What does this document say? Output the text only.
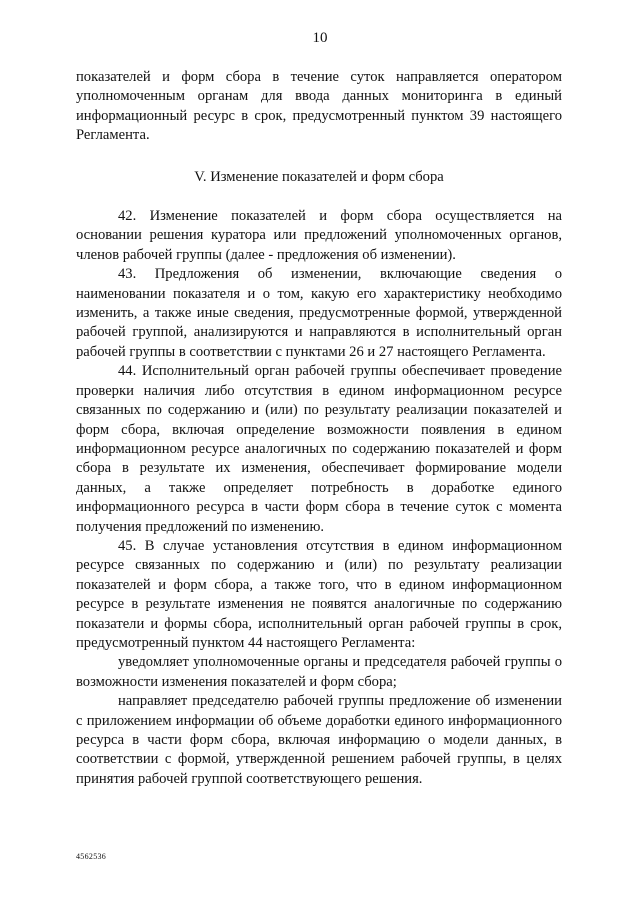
10

показателей и форм сбора в течение суток направляется оператором уполномоченным органам для ввода данных мониторинга в единый информационный ресурс в срок, предусмотренный пунктом 39 настоящего Регламента.

V. Изменение показателей и форм сбора

42. Изменение показателей и форм сбора осуществляется на основании решения куратора или предложений уполномоченных органов, членов рабочей группы (далее - предложения об изменении).

43. Предложения об изменении, включающие сведения о наименовании показателя и о том, какую его характеристику необходимо изменить, а также иные сведения, предусмотренные формой, утвержденной рабочей группой, анализируются и направляются в исполнительный орган рабочей группы в соответствии с пунктами 26 и 27 настоящего Регламента.

44. Исполнительный орган рабочей группы обеспечивает проведение проверки наличия либо отсутствия в едином информационном ресурсе связанных по содержанию и (или) по результату реализации показателей и форм сбора, включая определение возможности появления в едином информационном ресурсе аналогичных по содержанию показателей и форм сбора в результате их изменения, обеспечивает формирование модели данных, а также определяет потребность в доработке единого информационного ресурса в части форм сбора в течение суток с момента получения предложений по изменению.

45. В случае установления отсутствия в едином информационном ресурсе связанных по содержанию и (или) по результату реализации показателей и форм сбора, а также того, что в едином информационном ресурсе в результате изменения не появятся аналогичные по содержанию показатели и формы сбора, исполнительный орган рабочей группы в срок, предусмотренный пунктом 44 настоящего Регламента:

уведомляет уполномоченные органы и председателя рабочей группы о возможности изменения показателей и форм сбора;

направляет председателю рабочей группы предложение об изменении с приложением информации об объеме доработки единого информационного ресурса в части форм сбора, включая информацию о модели данных, в соответствии с формой, утвержденной решением рабочей группы, в целях принятия рабочей группой соответствующего решения.

4562536
